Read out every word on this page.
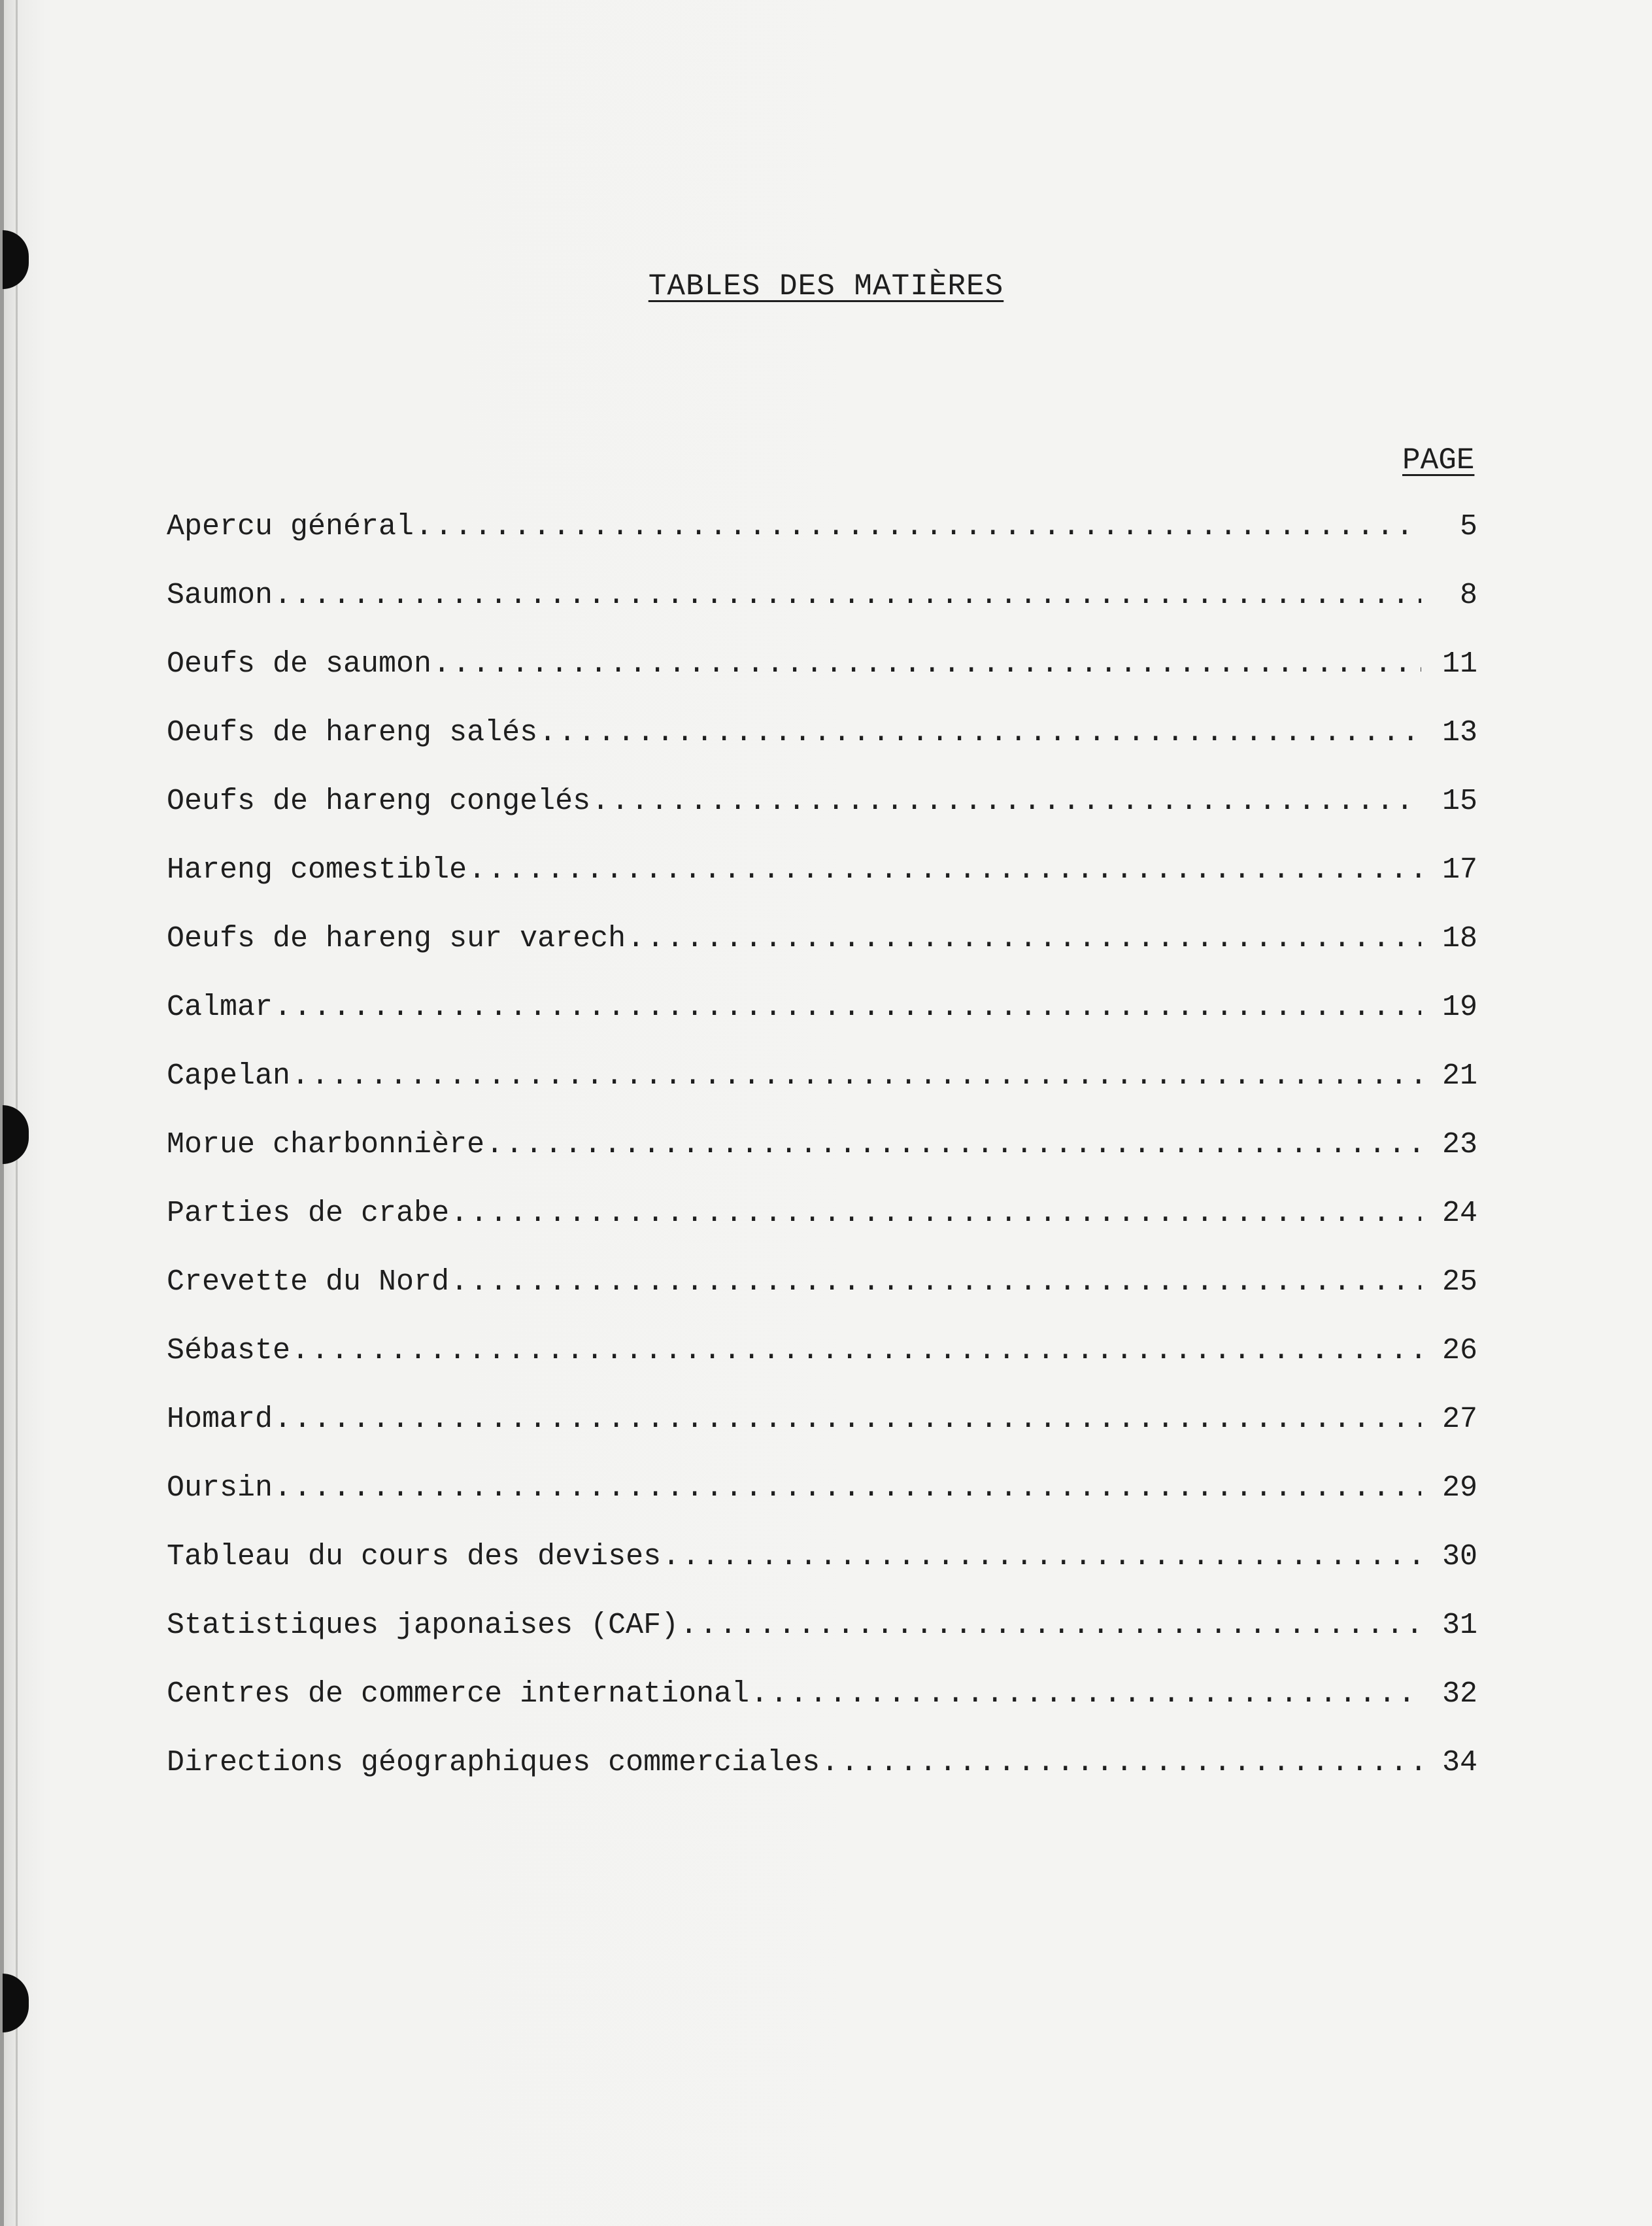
TABLES DES MATIÈRES
PAGE
Apercu général .....	5
Saumon .....	8
Oeufs de saumon .....	11
Oeufs de hareng salés .....	13
Oeufs de hareng congelés .....	15
Hareng comestible .....	17
Oeufs de hareng sur varech .....	18
Calmar .....	19
Capelan .....	21
Morue charbonnière .....	23
Parties de crabe .....	24
Crevette du Nord .....	25
Sébaste .....	26
Homard .....	27
Oursin .....	29
Tableau du cours des devises .....	30
Statistiques japonaises (CAF) .....	31
Centres de commerce international .....	32
Directions géographiques commerciales .....	34
